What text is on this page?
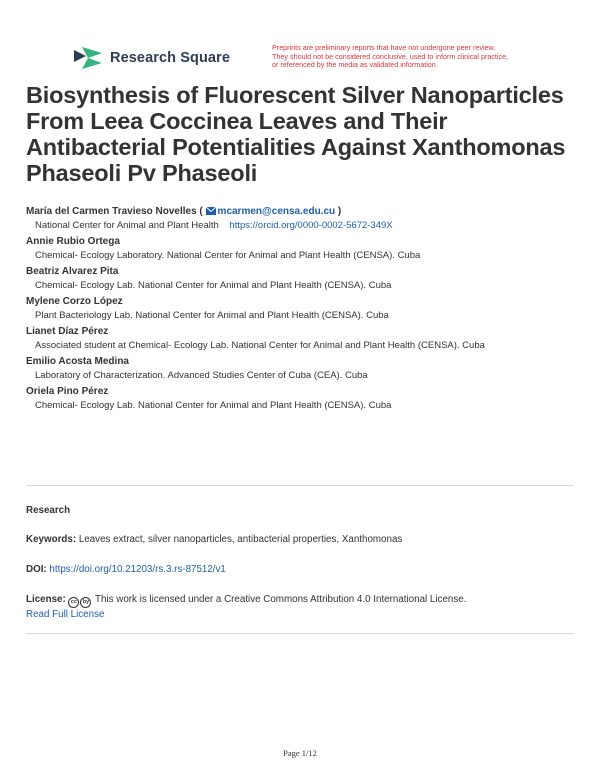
Research Square
Preprints are preliminary reports that have not undergone peer review.
They should not be considered conclusive, used to inform clinical practice,
or referenced by the media as validated information.
Biosynthesis of Fluorescent Silver Nanoparticles From Leea Coccinea Leaves and Their Antibacterial Potentialities Against Xanthomonas Phaseoli Pv Phaseoli
María del Carmen Travieso Novelles ( mcarmen@censa.edu.cu )
National Center for Animal and Plant Health https://orcid.org/0000-0002-5672-349X
Annie Rubio Ortega
Chemical- Ecology Laboratory. National Center for Animal and Plant Health (CENSA). Cuba
Beatriz Alvarez Pita
Chemical- Ecology Lab. National Center for Animal and Plant Health (CENSA). Cuba
Mylene Corzo López
Plant Bacteriology Lab. National Center for Animal and Plant Health (CENSA). Cuba
Lianet Díaz Pérez
Associated student at Chemical- Ecology Lab. National Center for Animal and Plant Health (CENSA). Cuba
Emilio Acosta Medina
Laboratory of Characterization. Advanced Studies Center of Cuba (CEA). Cuba
Oriela Pino Pérez
Chemical- Ecology Lab. National Center for Animal and Plant Health (CENSA). Cuba
Research
Keywords: Leaves extract, silver nanoparticles, antibacterial properties, Xanthomonas
DOI: https://doi.org/10.21203/rs.3.rs-87512/v1
License: cc by This work is licensed under a Creative Commons Attribution 4.0 International License.
Read Full License
Page 1/12
